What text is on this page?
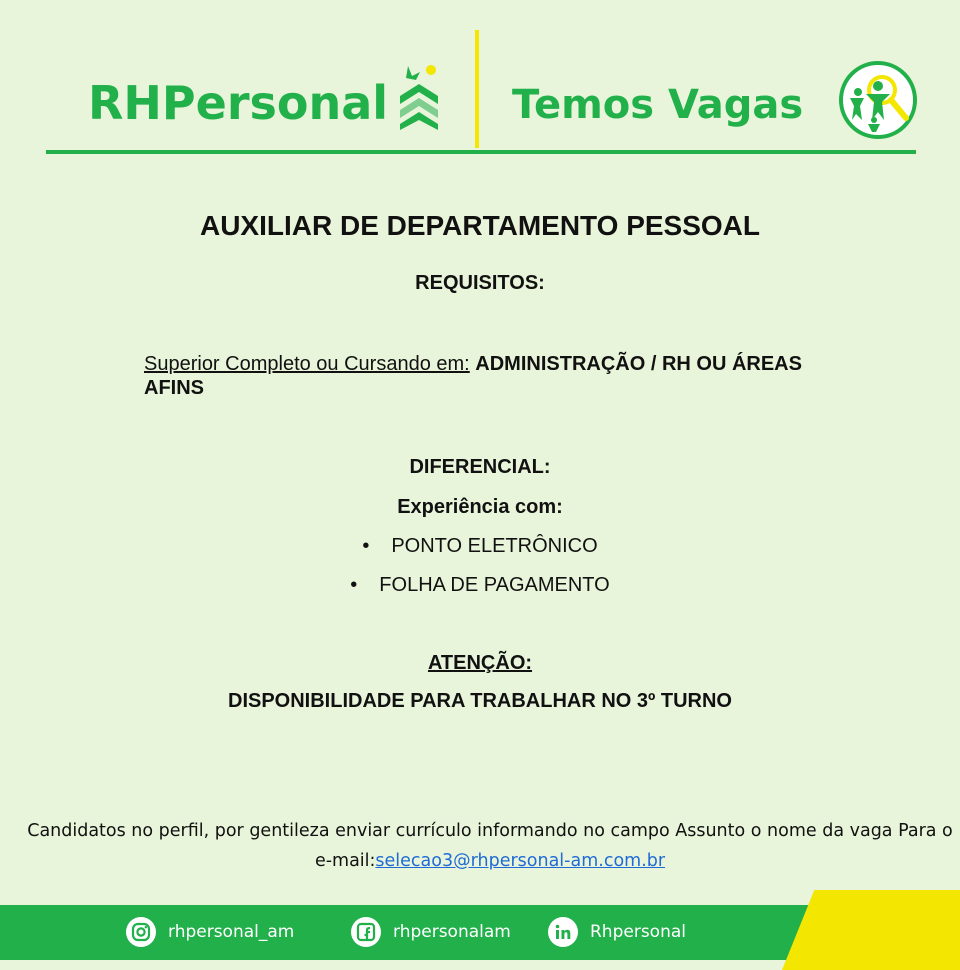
RHPersonal	Temos Vagas
AUXILIAR DE DEPARTAMENTO PESSOAL
REQUISITOS:
Superior Completo ou Cursando em: ADMINISTRAÇÃO / RH OU ÁREAS AFINS
DIFERENCIAL:
Experiência com:
• PONTO ELETRÔNICO
• FOLHA DE PAGAMENTO
ATENÇÃO:
DISPONIBILIDADE PARA TRABALHAR NO 3º TURNO
Candidatos no perfil, por gentileza enviar currículo informando no campo Assunto o nome da vaga Para o e-mail:selecao3@rhpersonal-am.com.br
rhpersonal_am	rhpersonalam	Rhpersonal
